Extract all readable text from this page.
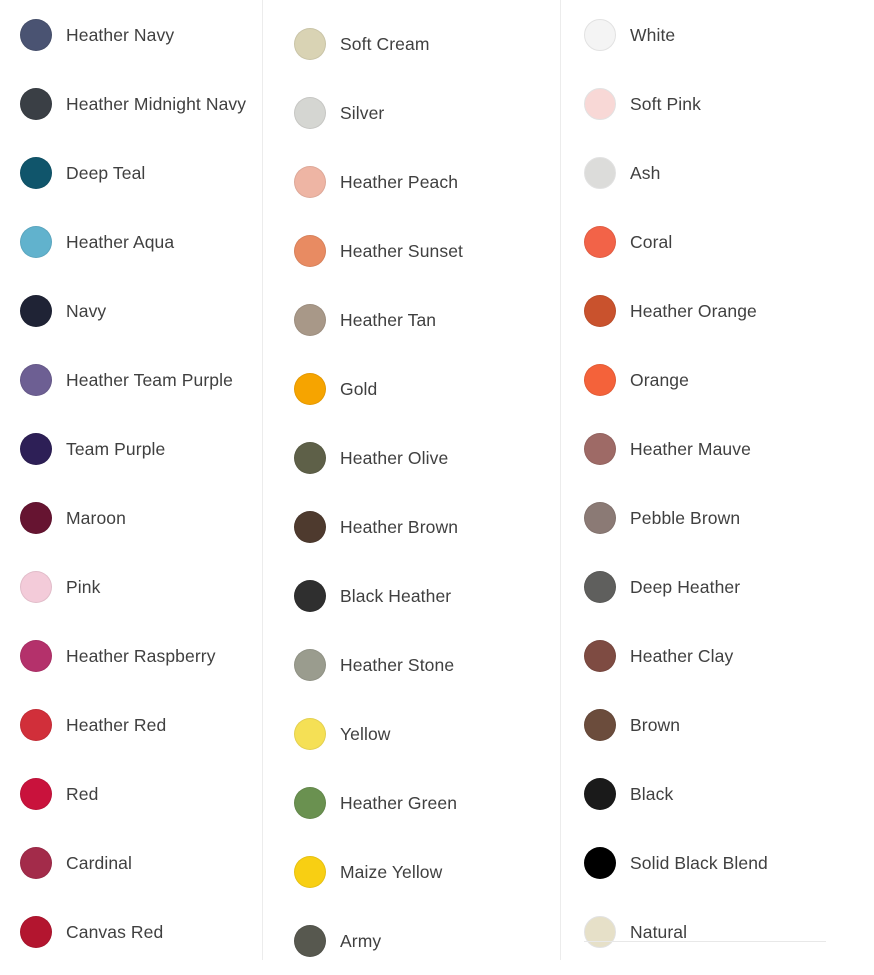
Heather Navy
Heather Midnight Navy
Deep Teal
Heather Aqua
Navy
Heather Team Purple
Team Purple
Maroon
Pink
Heather Raspberry
Heather Red
Red
Cardinal
Canvas Red
Soft Cream
Silver
Heather Peach
Heather Sunset
Heather Tan
Gold
Heather Olive
Heather Brown
Black Heather
Heather Stone
Yellow
Heather Green
Maize Yellow
Army
White
Soft Pink
Ash
Coral
Heather Orange
Orange
Heather Mauve
Pebble Brown
Deep Heather
Heather Clay
Brown
Black
Solid Black Blend
Natural
